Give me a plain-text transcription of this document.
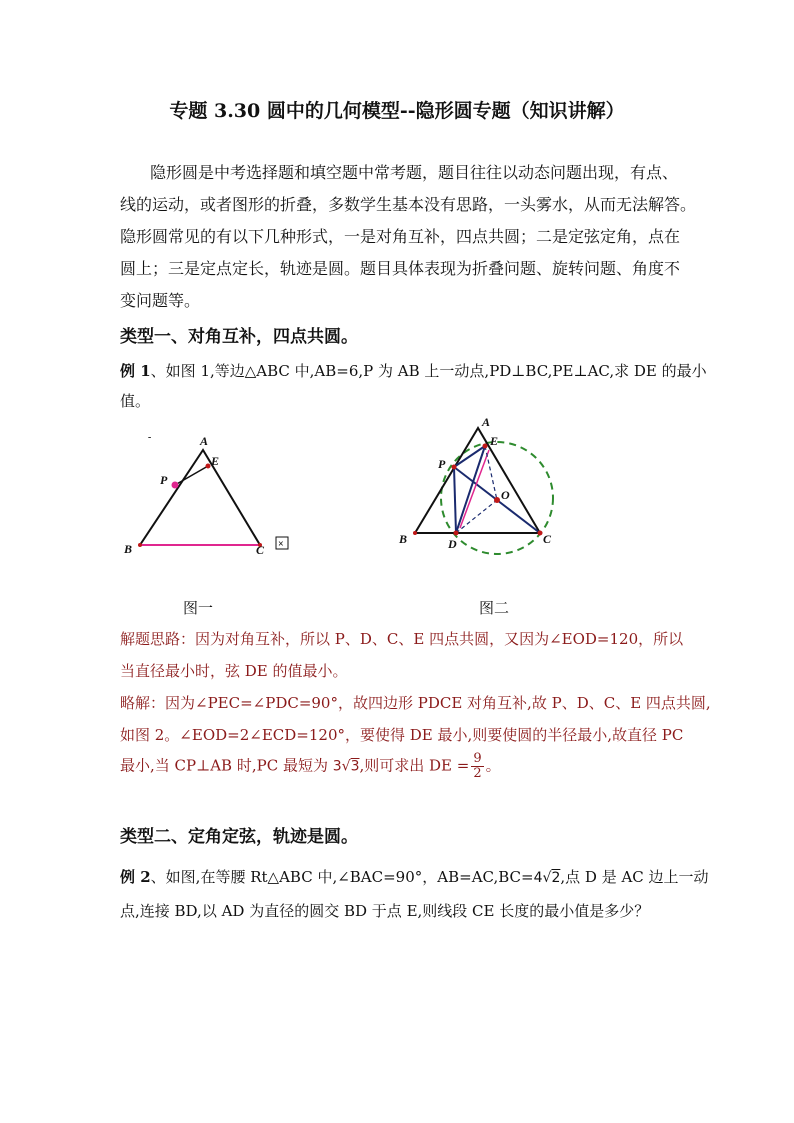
专题 3.30 圆中的几何模型--隐形圆专题（知识讲解）
隐形圆是中考选择题和填空题中常考题，题目往往以动态问题出现，有点、
线的运动，或者图形的折叠，多数学生基本没有思路，一头雾水，从而无法解答。
隐形圆常见的有以下几种形式，一是对角互补，四点共圆；二是定弦定角，点在
圆上；三是定点定长，轨迹是圆。题目具体表现为折叠问题、旋转问题、角度不
变问题等。
类型一、对角互补，四点共圆。
例 1、如图 1,等边△ABC 中,AB=6,P 为 AB 上一动点,PD⊥BC,PE⊥AC,求 DE 的最小
值。
-	A
E
P
B	C ×
A
E
P
O
B	D	C
图一	图二
解题思路：因为对角互补，所以 P、D、C、E 四点共圆，又因为∠EOD=120，所以
当直径最小时，弦 DE 的值最小。
略解：因为∠PEC=∠PDC=90°，故四边形 PDCE 对角互补,故 P、D、C、E 四点共圆,
如图 2。∠EOD=2∠ECD=120°，要使得 DE 最小,则要使圆的半径最小,故直径 PC
最小,当 CP⊥AB 时,PC 最短为 3√3,则可求出 DE = $\frac{9}{2}$ 。
类型二、定角定弦，轨迹是圆。
例 2、如图,在等腰 Rt△ABC 中,∠BAC=90°，AB=AC,BC=4√2,点 D 是 AC 边上一动
点,连接 BD,以 AD 为直径的圆交 BD 于点 E,则线段 CE 长度的最小值是多少？
